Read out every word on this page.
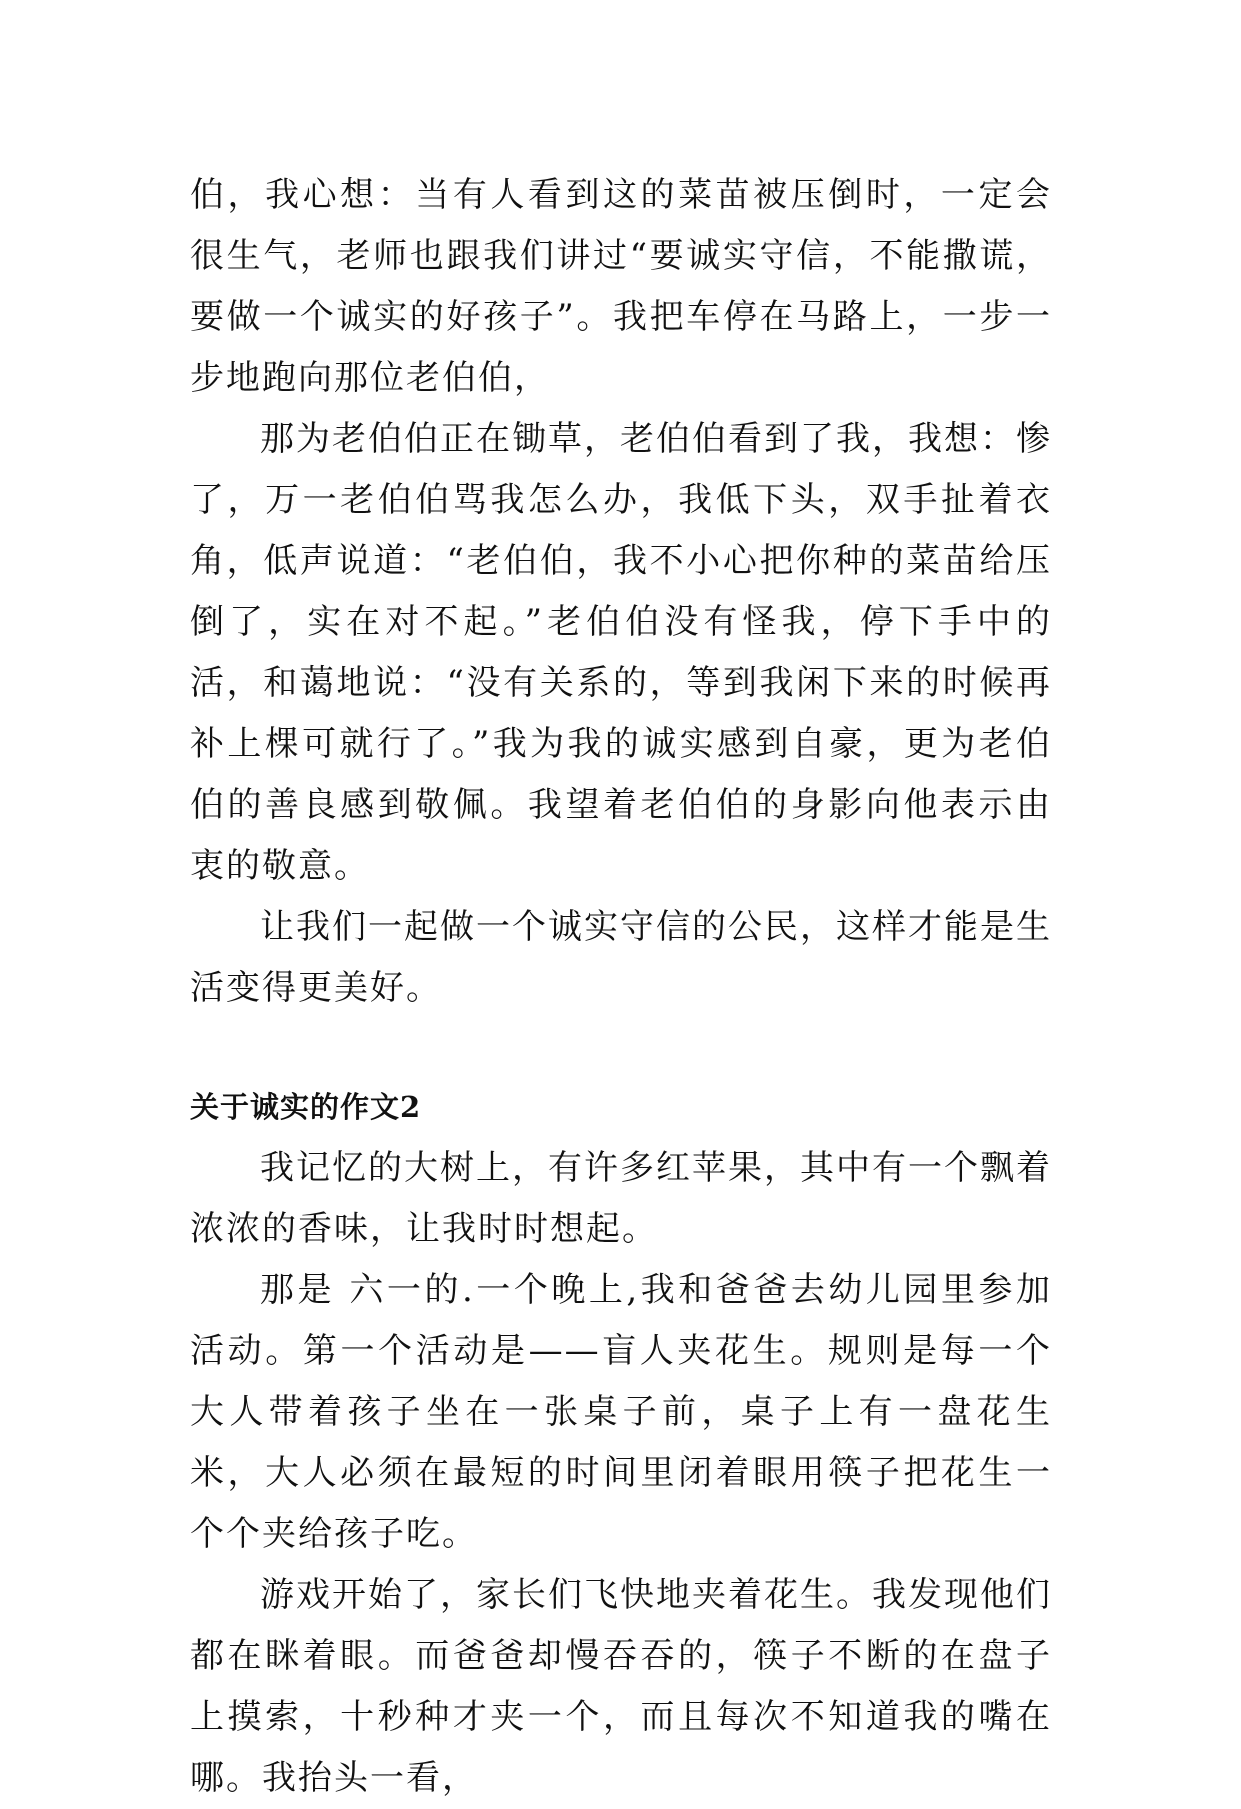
伯，我心想：当有人看到这的菜苗被压倒时，一定会很生气，老师也跟我们讲过“要诚实守信，不能撒谎，要做一个诚实的好孩子”。我把车停在马路上，一步一步地跑向那位老伯伯，

那为老伯伯正在锄草，老伯伯看到了我，我想：惨了，万一老伯伯骂我怎么办，我低下头，双手扯着衣角，低声说道：“老伯伯，我不小心把你种的菜苗给压倒了，实在对不起。”老伯伯没有怪我，停下手中的活，和蔼地说：“没有关系的，等到我闲下来的时候再补上棵可就行了。”我为我的诚实感到自豪，更为老伯伯的善良感到敬佩。我望着老伯伯的身影向他表示由衷的敬意。

让我们一起做一个诚实守信的公民，这样才能是生活变得更美好。

关于诚实的作文2

我记忆的大树上，有许多红苹果，其中有一个飘着浓浓的香味，让我时时想起。

那是 六一的.一个晚上,我和爸爸去幼儿园里参加活动。第一个活动是——盲人夹花生。规则是每一个大人带着孩子坐在一张桌子前，桌子上有一盘花生米，大人必须在最短的时间里闭着眼用筷子把花生一个个夹给孩子吃。

游戏开始了，家长们飞快地夹着花生。我发现他们都在眯着眼。而爸爸却慢吞吞的，筷子不断的在盘子上摸索，十秒种才夹一个，而且每次不知道我的嘴在哪。我抬头一看，
